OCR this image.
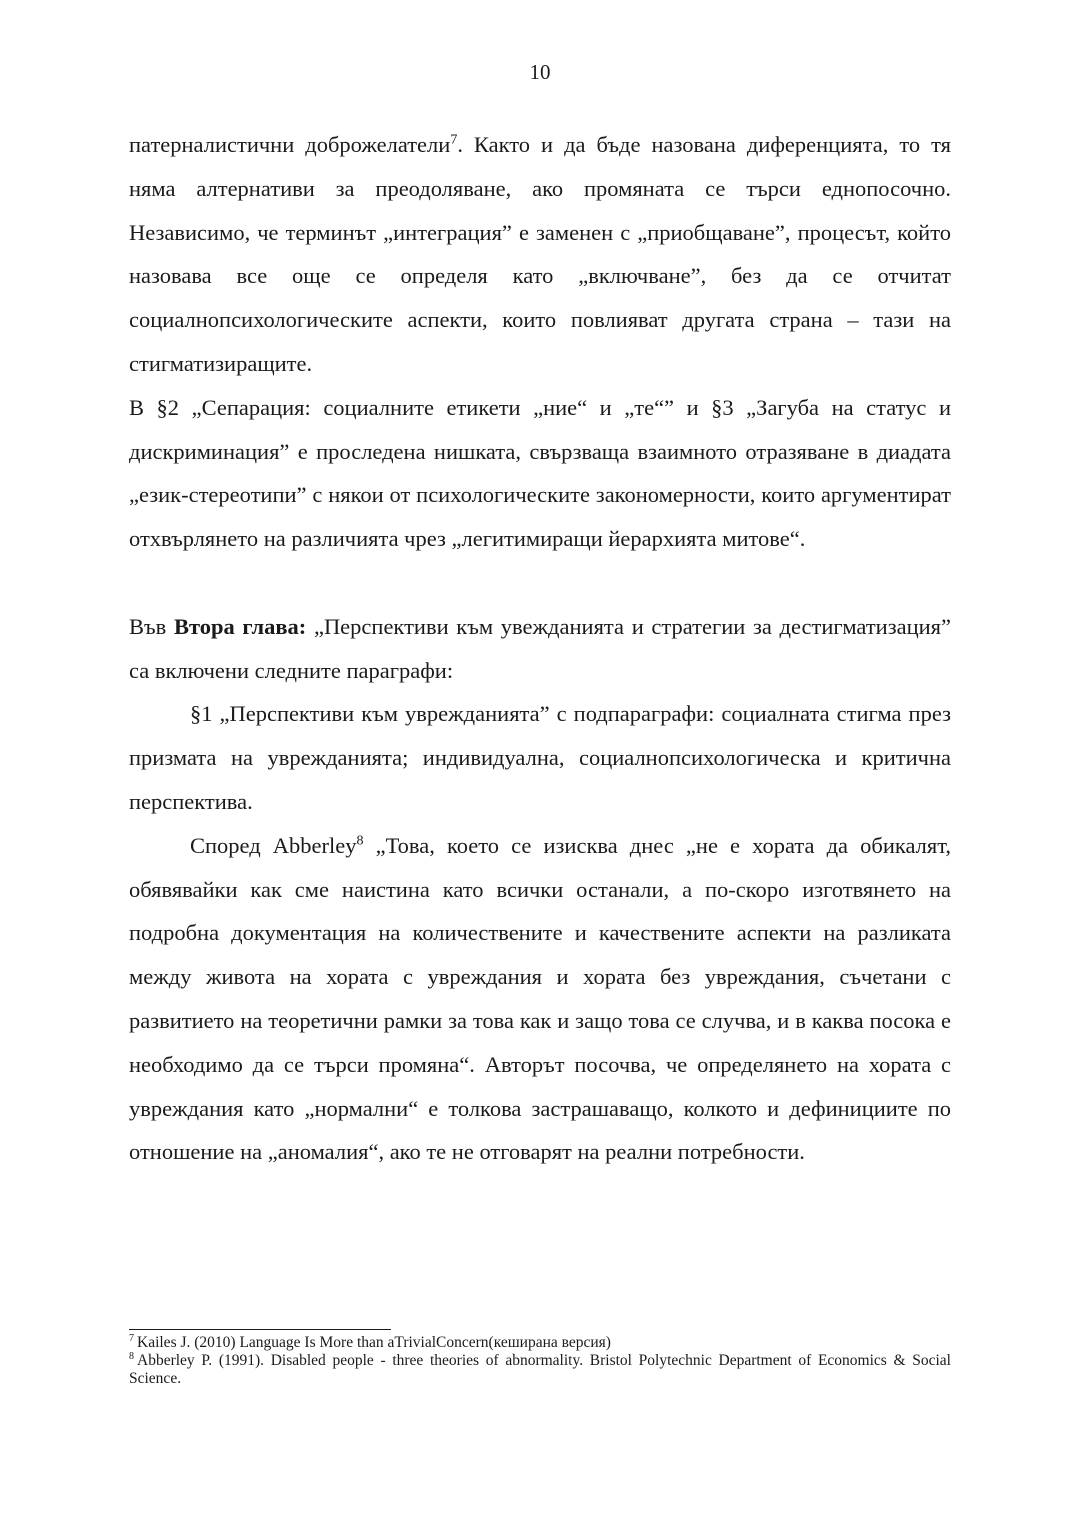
10

патерналистични доброжелатели$^7$. Както и да бъде назована диференцията, то тя няма алтернативи за преодоляване, ако промяната се търси еднопосочно. Независимо, че терминът „интеграция” е заменен с „приобщаване”, процесът, който назовава все още се определя като „включване”, без да се отчитат социалнопсихологическите аспекти, които повлияват другата страна – тази на стигматизиращите.

В §2 „Сепарация: социалните етикети „ние“ и „те“” и §3 „Загуба на статус и дискриминация” е проследена нишката, свързваща взаимното отразяване в диадата „език-стереотипи” с някои от психологическите закономерности, които аргументират отхвърлянето на различията чрез „легитимиращи йерархията митове“.

Във Втора глава: „Перспективи към увежданията и стратегии за дестигматизация” са включени следните параграфи:

§1 „Перспективи към уврежданията” с подпараграфи: социалната стигма през призмата на уврежданията; индивидуална, социалнопсихологическа и критична перспектива.

Според Abberley$^8$ „Това, което се изисква днес „не е хората да обикалят, обявявайки как сме наистина като всички останали, а по-скоро изготвянето на подробна документация на количествените и качествените аспекти на разликата между живота на хората с увреждания и хората без увреждания, съчетани с развитието на теоретични рамки за това как и защо това се случва, и в каква посока е необходимо да се търси промяна“. Авторът посочва, че определянето на хората с увреждания като „нормални“ е толкова застрашаващо, колкото и дефинициите по отношение на „аномалия“, ако те не отговарят на реални потребности.

$^7$ Kailes J. (2010) Language Is More than aTrivialConcern(кеширана версия)

$^8$ Abberley P. (1991). Disabled people - three theories of abnormality. Bristol Polytechnic Department of Economics & Social Science.
